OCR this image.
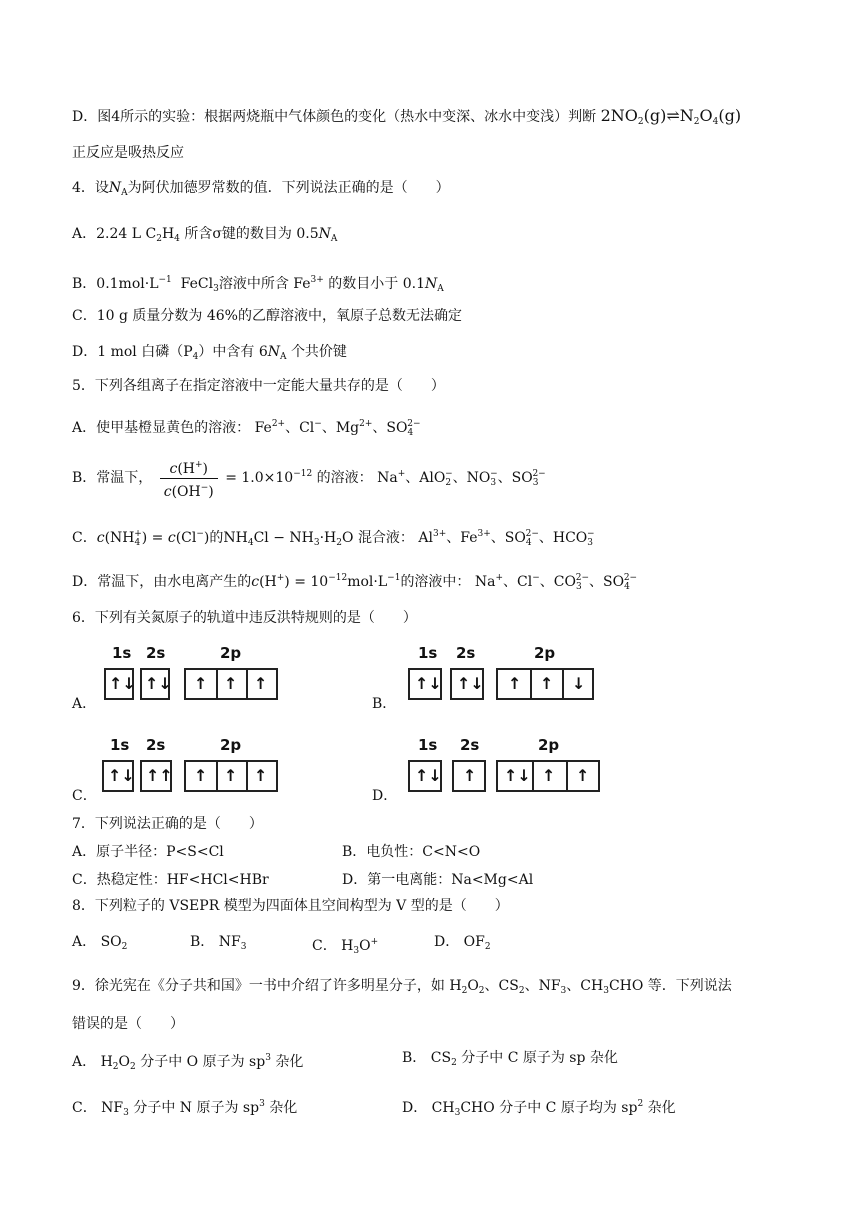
D．图4所示的实验：根据两烧瓶中气体颜色的变化（热水中变深、冰水中变浅）判断 $2NO_2(g)\rightleftharpoons N_2O_4(g)$
正反应是吸热反应
4．设$N_A$为阿伏加德罗常数的值．下列说法正确的是（　　）
A．2.24 L $C_2H_4$ 所含σ键的数目为 $0.5N_A$
B．$0.1mol\cdot L^{-1}$  FeCl$_3$溶液中所含 $Fe^{3+}$ 的数目小于 $0.1N_A$
C．10 g 质量分数为 46%的乙醇溶液中，氧原子总数无法确定
D．1 mol 白磷$(P_4)$中含有 $6N_A$ 个共价键
5．下列各组离子在指定溶液中一定能大量共存的是（　　）
A．使甲基橙显黄色的溶液： $Fe^{2+}$、Cl−、$Mg^{2+}$、$SO_4^{2-}$
B．常温下， $\frac{c(H^+)}{c(OH^-)} = 1.0\times 10^{-12}$ 的溶液： Na+、AlO$_2$−、$NO_3^-$、$SO_3^{2-}$
C．$c(NH_4^+) = c(Cl^-)$的$NH_4Cl - NH_3\cdot H_2O$ 混合液： $Al^{3+}$、$Fe^{3+}$、$SO_4^{2-}$、$HCO_3^-$
D．常温下，由水电离产生的$c(H^+) = 10^{-12}mol\cdot L^{-1}$的溶液中： Na+、Cl−、$CO_3^{2-}$、$SO_4^{2-}$
6．下列有关氮原子的轨道中违反洪特规则的是（　　）
A．
1s 2s	2p
↑↓ ↑↓ ↑ ↑ ↑
B．
1s 2s	2p
↑↓ ↑↓ ↑ ↑ ↓
C．
1s 2s	2p
↑↓ ↑↑ ↑ ↑ ↑
D．
1s 2s	2p
↑↓ ↑ ↑↓ ↑ ↑
7．下列说法正确的是（　　）
A．原子半径：P<S<Cl	B．电负性：C<N<O
C．热稳定性：HF<HCl<HBr	D．第一电离能：Na<Mg<Al
8．下列粒子的 VSEPR 模型为四面体且空间构型为 V 型的是（　　）
A． $SO_2$	B． $NF_3$	C． $H_3O^+$	D． $OF_2$
9．徐光宪在《分子共和国》一书中介绍了许多明星分子，如 $H_2O_2$、$CS_2$、$NF_3$、$CH_3CHO$ 等．下列说法
错误的是（　　）
A． $H_2O_2$ 分子中 O 原子为 $sp^3$ 杂化	B． $CS_2$ 分子中 C 原子为 sp 杂化
C． $NF_3$ 分子中 N 原子为 $sp^3$ 杂化	D． $CH_3CHO$ 分子中 C 原子均为 $sp^2$ 杂化
